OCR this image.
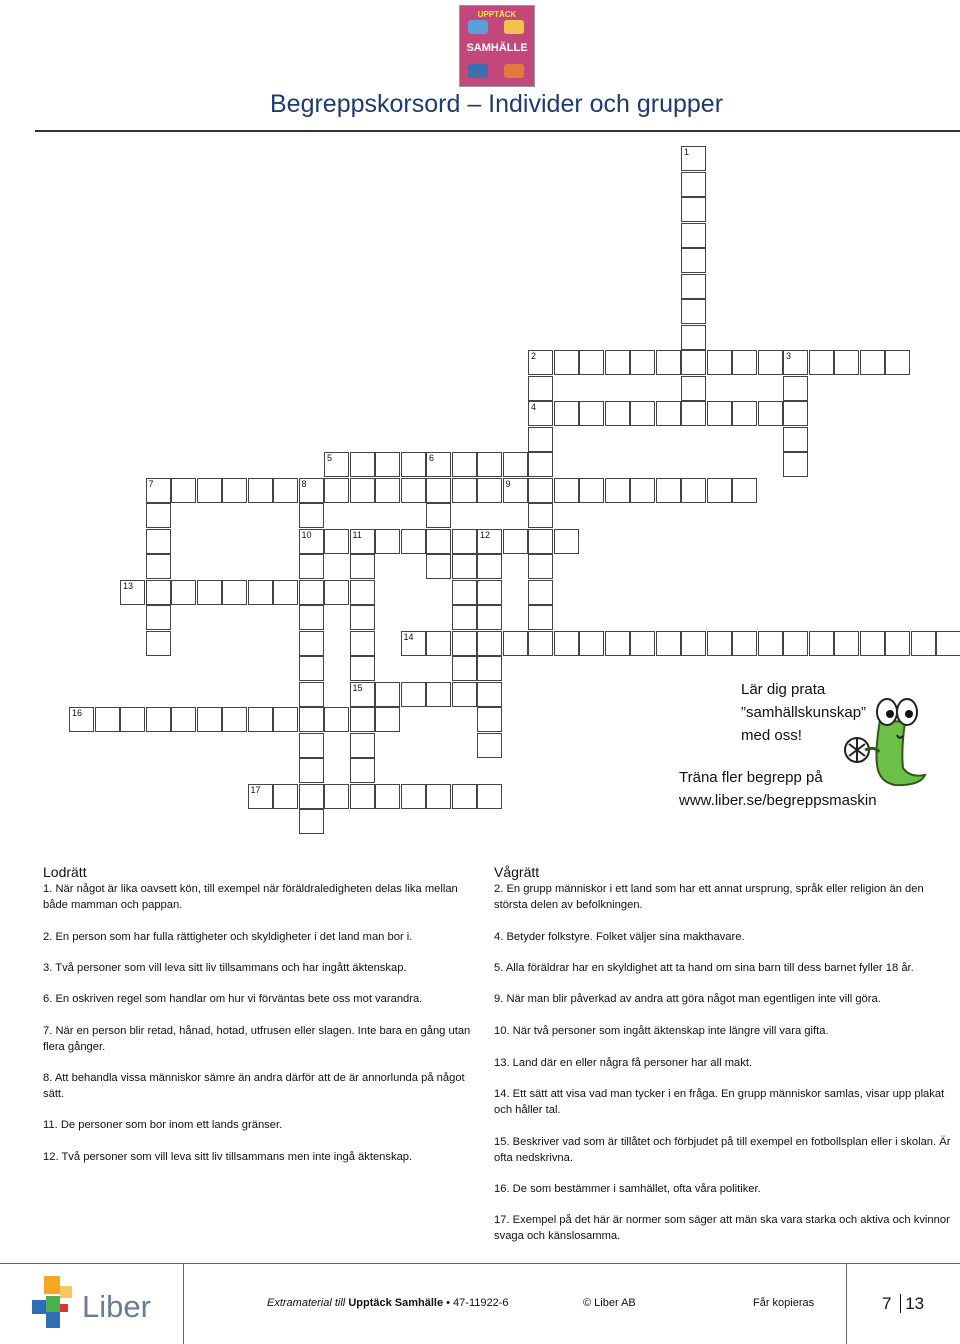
UPPTÄCK
SAMHÄLLE
Begreppskorsord – Individer och grupper
1
2
4
3
6
7	8
10	11
15
5
9
12
13
14
16
17
Lär dig prata
”samhällskunskap”
med oss!
Träna fler begrepp på
www.liber.se/begreppsmaskin
Lodrätt
1. När något är lika oavsett kön, till exempel när föräldraledigheten delas lika mellan både mamman och pappan.
2. En person som har fulla rättigheter och skyldigheter i det land man bor i.
3. Två personer som vill leva sitt liv tillsammans och har ingått äktenskap.
6. En oskriven regel som handlar om hur vi förväntas bete oss mot varandra.
7. När en person blir retad, hånad, hotad, utfrusen eller slagen. Inte bara en gång utan flera gånger.
8. Att behandla vissa människor sämre än andra därför att de är annorlunda på något sätt.
11. De personer som bor inom ett lands gränser.
12. Två personer som vill leva sitt liv tillsammans men inte ingå äktenskap.
Vågrätt
2. En grupp människor i ett land som har ett annat ursprung, språk eller religion än den största delen av befolkningen.
4. Betyder folkstyre. Folket väljer sina makthavare.
5. Alla föräldrar har en skyldighet att ta hand om sina barn till dess barnet fyller 18 år.
9. När man blir påverkad av andra att göra något man egentligen inte vill göra.
10. När två personer som ingått äktenskap inte längre vill vara gifta.
13. Land där en eller några få personer har all makt.
14. Ett sätt att visa vad man tycker i en fråga. En grupp människor samlas, visar upp plakat och håller tal.
15. Beskriver vad som är tillåtet och förbjudet på till exempel en fotbollsplan eller i skolan. Är ofta nedskrivna.
16. De som bestämmer i samhället, ofta våra politiker.
17. Exempel på det här är normer som säger att män ska vara starka och aktiva och kvinnor svaga och känslosamma.
Liber	Extramaterial till Upptäck Samhälle • 47-11922-6	© Liber AB	Får kopieras	7 13
